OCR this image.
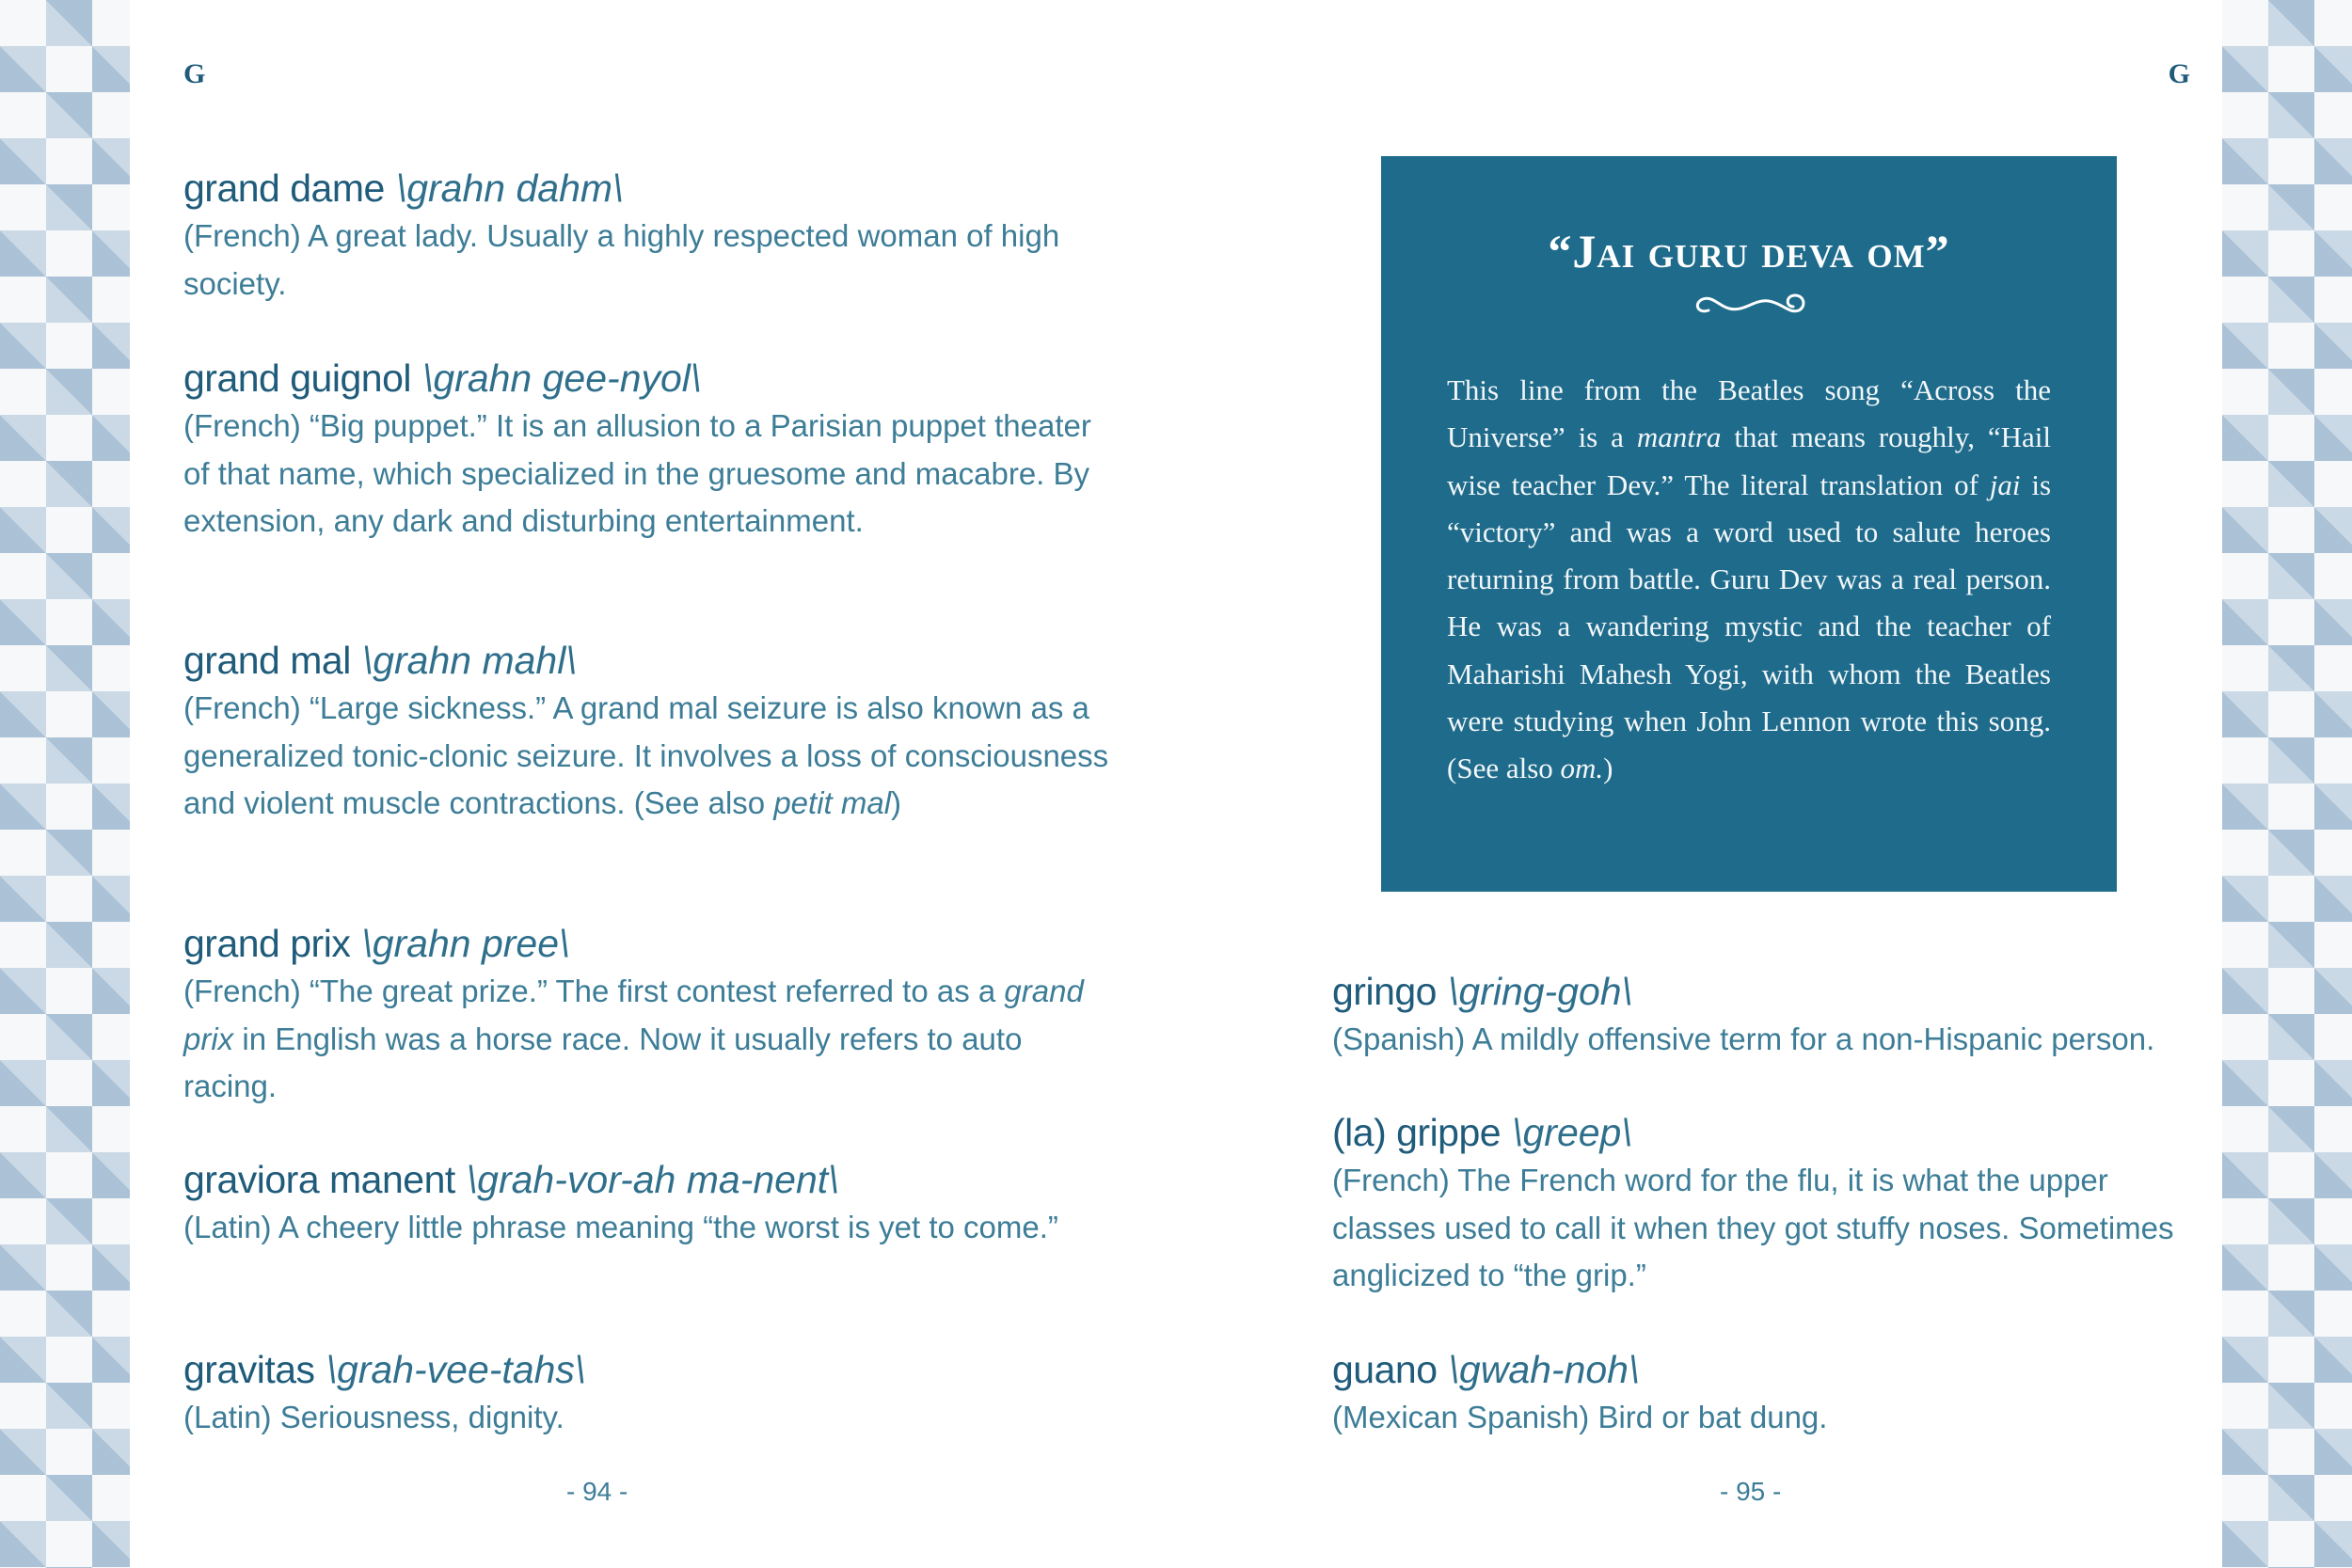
G
grand dame \grahn dahm\
(French) A great lady. Usually a highly respected woman of high society.
grand guignol \grahn gee-nyol\
(French) “Big puppet.” It is an allusion to a Parisian puppet theater of that name, which specialized in the gruesome and macabre. By extension, any dark and disturbing entertainment.
grand mal \grahn mahl\
(French) “Large sickness.” A grand mal seizure is also known as a generalized tonic-clonic seizure. It involves a loss of consciousness and violent muscle contractions. (See also petit mal)
grand prix \grahn pree\
(French) “The great prize.” The first contest referred to as a grand prix in English was a horse race. Now it usually refers to auto racing.
graviora manent \grah-vor-ah ma-nent\
(Latin) A cheery little phrase meaning “the worst is yet to come.”
gravitas \grah-vee-tahs\
(Latin) Seriousness, dignity.
- 94 -
G
“Jai guru deva om”
This line from the Beatles song “Across the Universe” is a mantra that means roughly, “Hail wise teacher Dev.” The literal translation of jai is “victory” and was a word used to salute heroes returning from battle. Guru Dev was a real person. He was a wandering mystic and the teacher of Maharishi Mahesh Yogi, with whom the Beatles were studying when John Lennon wrote this song. (See also om.)
gringo \gring-goh\
(Spanish) A mildly offensive term for a non-Hispanic person.
(la) grippe \greep\
(French) The French word for the flu, it is what the upper classes used to call it when they got stuffy noses. Sometimes anglicized to “the grip.”
guano \gwah-noh\
(Mexican Spanish) Bird or bat dung.
- 95 -
